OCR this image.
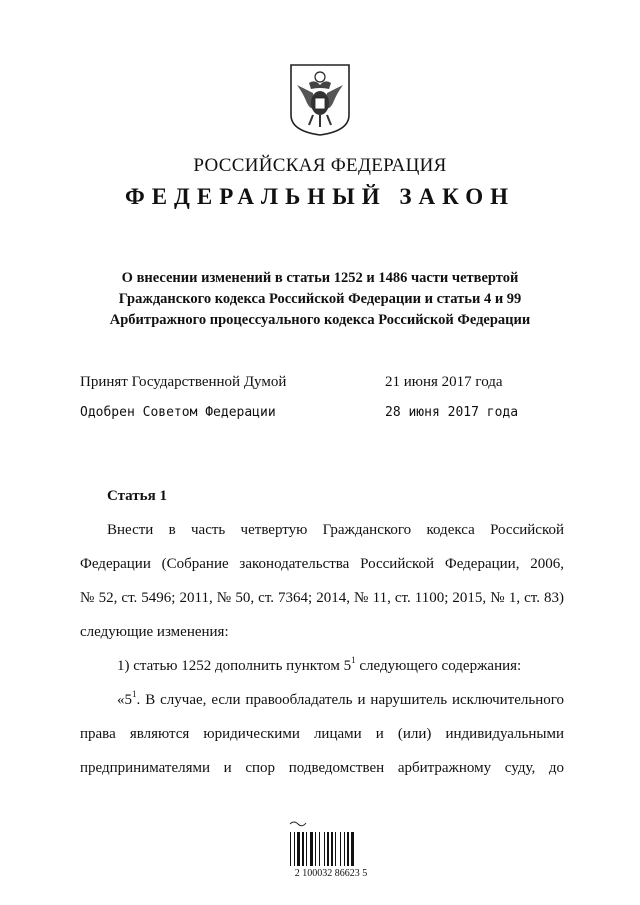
РОССИЙСКАЯ ФЕДЕРАЦИЯ
ФЕДЕРАЛЬНЫЙ ЗАКОН
О внесении изменений в статьи 1252 и 1486 части четвертой
Гражданского кодекса Российской Федерации и статьи 4 и 99
Арбитражного процессуального кодекса Российской Федерации
Принят Государственной Думой	21 июня 2017 года
Одобрен Советом Федерации	28 июня 2017 года
Статья 1
Внести в часть четвертую Гражданского кодекса Российской
Федерации (Собрание законодательства Российской Федерации, 2006,
№ 52, ст. 5496; 2011, № 50, ст. 7364; 2014, № 11, ст. 1100; 2015, № 1, ст. 83)
следующие изменения:
1) статью 1252 дополнить пунктом $5^1$ следующего содержания:
«$5^1$. В случае, если правообладатель и нарушитель исключительного
права являются юридическими лицами и (или) индивидуальными
предпринимателями и спор подведомствен арбитражному суду, до
2 100032 86623 5
